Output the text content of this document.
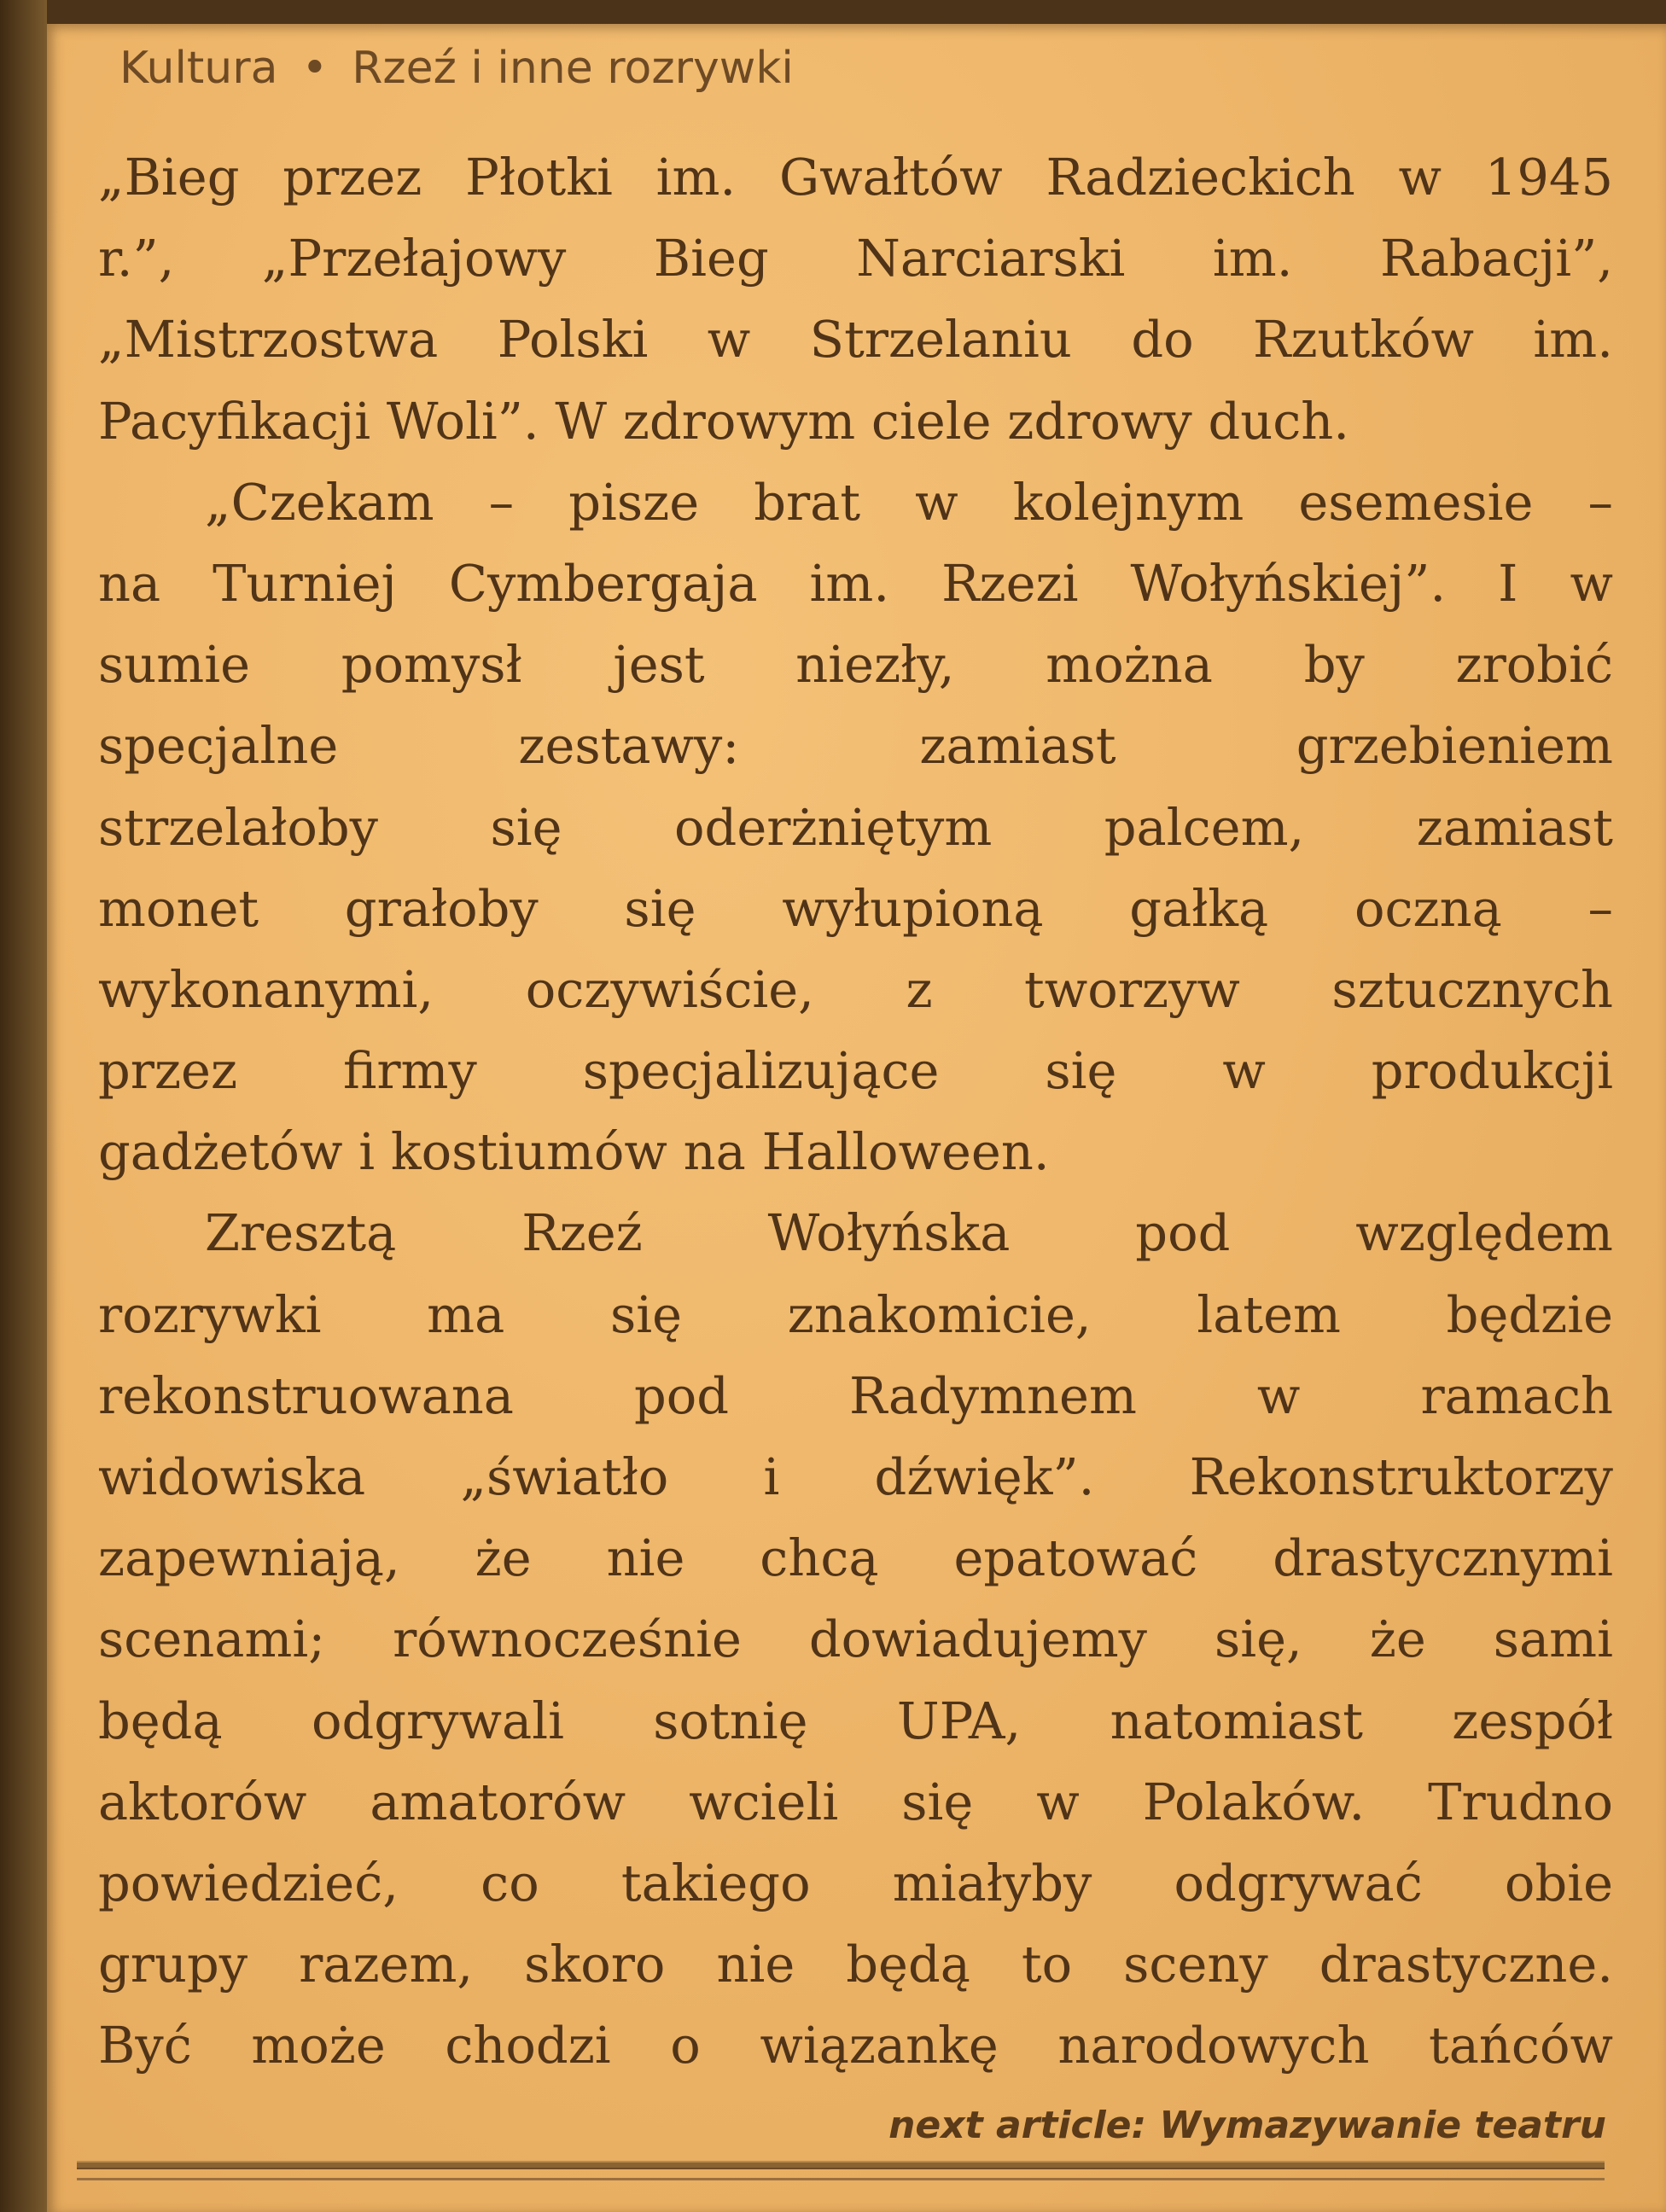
Kultura • Rzeź i inne rozrywki
„Bieg przez Płotki im. Gwałtów Radzieckich w 1945
r.”, „Przełajowy Bieg Narciarski im. Rabacji”,
„Mistrzostwa Polski w Strzelaniu do Rzutków im.
Pacyfikacji Woli”. W zdrowym ciele zdrowy duch.
„Czekam – pisze brat w kolejnym esemesie –
na Turniej Cymbergaja im. Rzezi Wołyńskiej”. I w
sumie pomysł jest niezły, można by zrobić
specjalne zestawy: zamiast grzebieniem
strzelałoby się oderżniętym palcem, zamiast
monet grałoby się wyłupioną gałką oczną –
wykonanymi, oczywiście, z tworzyw sztucznych
przez firmy specjalizujące się w produkcji
gadżetów i kostiumów na Halloween.
Zresztą Rzeź Wołyńska pod względem
rozrywki ma się znakomicie, latem będzie
rekonstruowana pod Radymnem w ramach
widowiska „światło i dźwięk”. Rekonstruktorzy
zapewniają, że nie chcą epatować drastycznymi
scenami; równocześnie dowiadujemy się, że sami
będą odgrywali sotnię UPA, natomiast zespół
aktorów amatorów wcieli się w Polaków. Trudno
powiedzieć, co takiego miałyby odgrywać obie
grupy razem, skoro nie będą to sceny drastyczne.
Być może chodzi o wiązankę narodowych tańców
next article: Wymazywanie teatru
